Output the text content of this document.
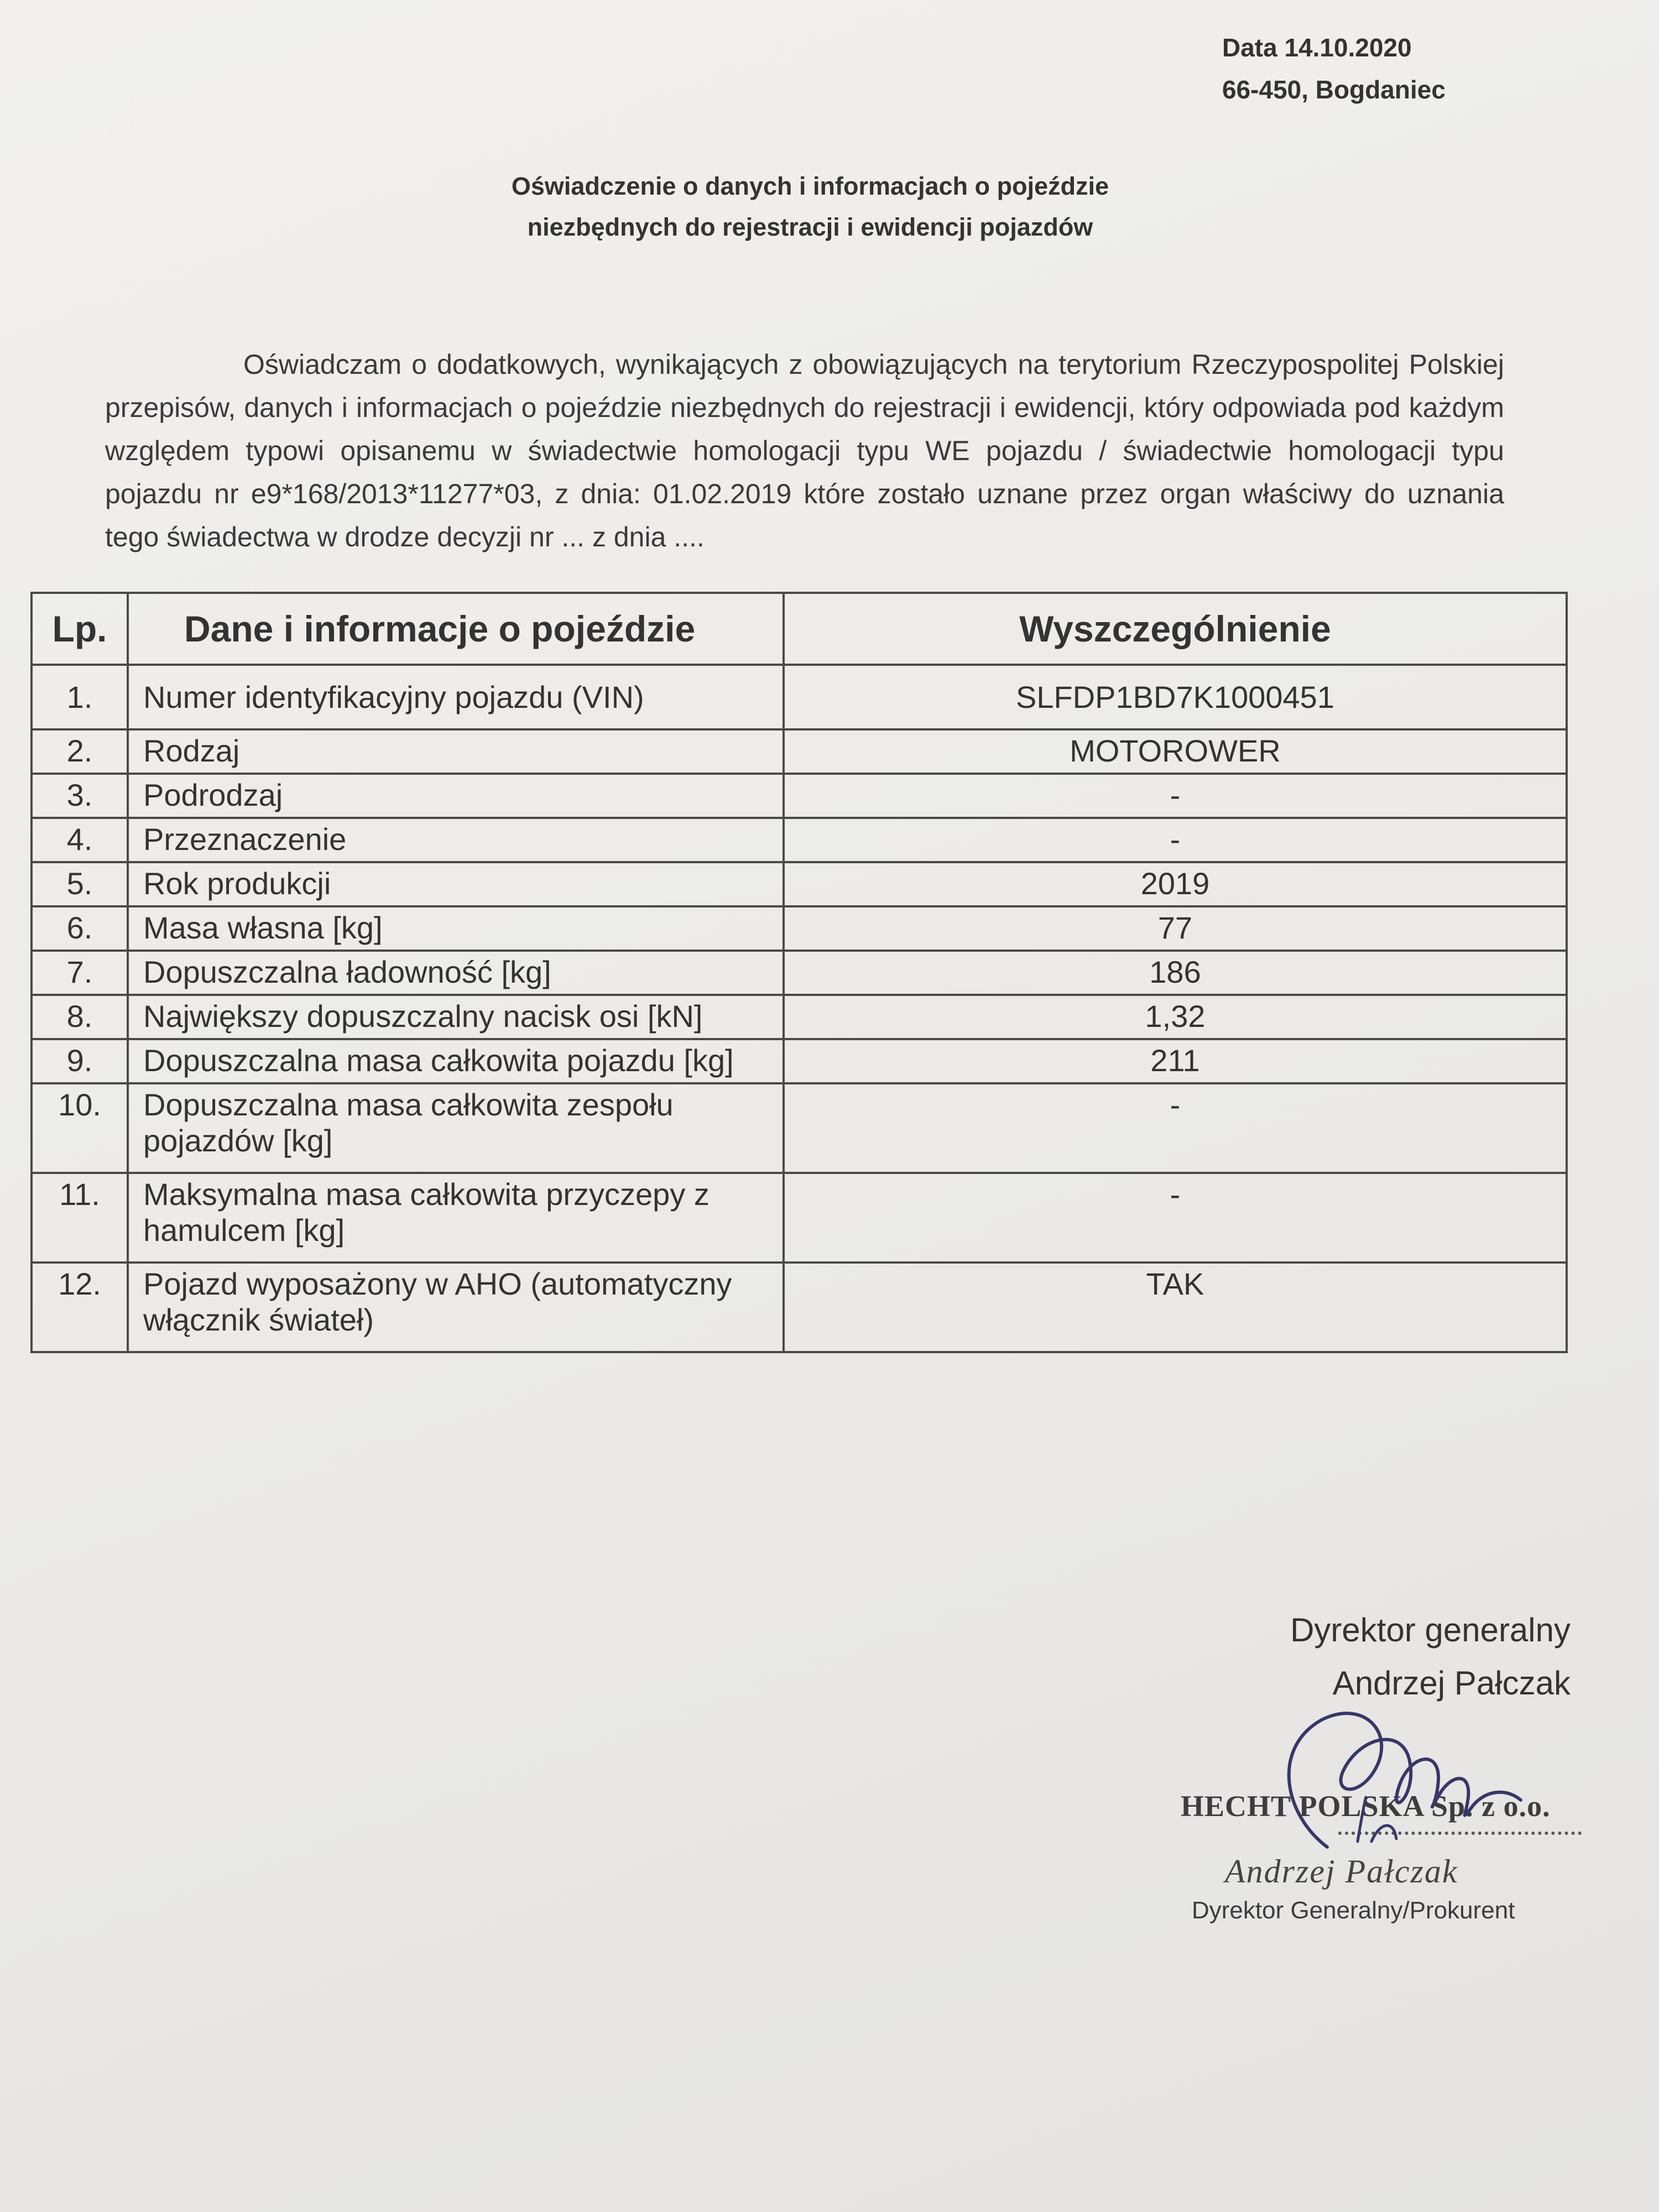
Data 14.10.2020
66-450, Bogdaniec
Oświadczenie o danych i informacjach o pojeździe
niezbędnych do rejestracji i ewidencji pojazdów
Oświadczam o dodatkowych, wynikających z obowiązujących na terytorium Rzeczypospolitej Polskiej przepisów, danych i informacjach o pojeździe niezbędnych do rejestracji i ewidencji, który odpowiada pod każdym względem typowi opisanemu w świadectwie homologacji typu WE pojazdu / świadectwie homologacji typu pojazdu nr e9*168/2013*11277*03, z dnia: 01.02.2019 które zostało uznane przez organ właściwy do uznania tego świadectwa w drodze decyzji nr ... z dnia ....
Lp.	Dane i informacje o pojeździe	Wyszczególnienie
1.	Numer identyfikacyjny pojazdu (VIN)	SLFDP1BD7K1000451
2.	Rodzaj	MOTOROWER
3.	Podrodzaj	-
4.	Przeznaczenie	-
5.	Rok produkcji	2019
6.	Masa własna [kg]	77
7.	Dopuszczalna ładowność [kg]	186
8.	Największy dopuszczalny nacisk osi [kN]	1,32
9.	Dopuszczalna masa całkowita pojazdu [kg]	211
10.	Dopuszczalna masa całkowita zespołu pojazdów [kg]	-
11.	Maksymalna masa całkowita przyczepy z hamulcem [kg]	-
12.	Pojazd wyposażony w AHO (automatyczny włącznik świateł)	TAK
Dyrektor generalny
Andrzej Pałczak
HECHT POLSKA Sp. z o.o.
Andrzej Pałczak
Dyrektor Generalny/Prokurent
